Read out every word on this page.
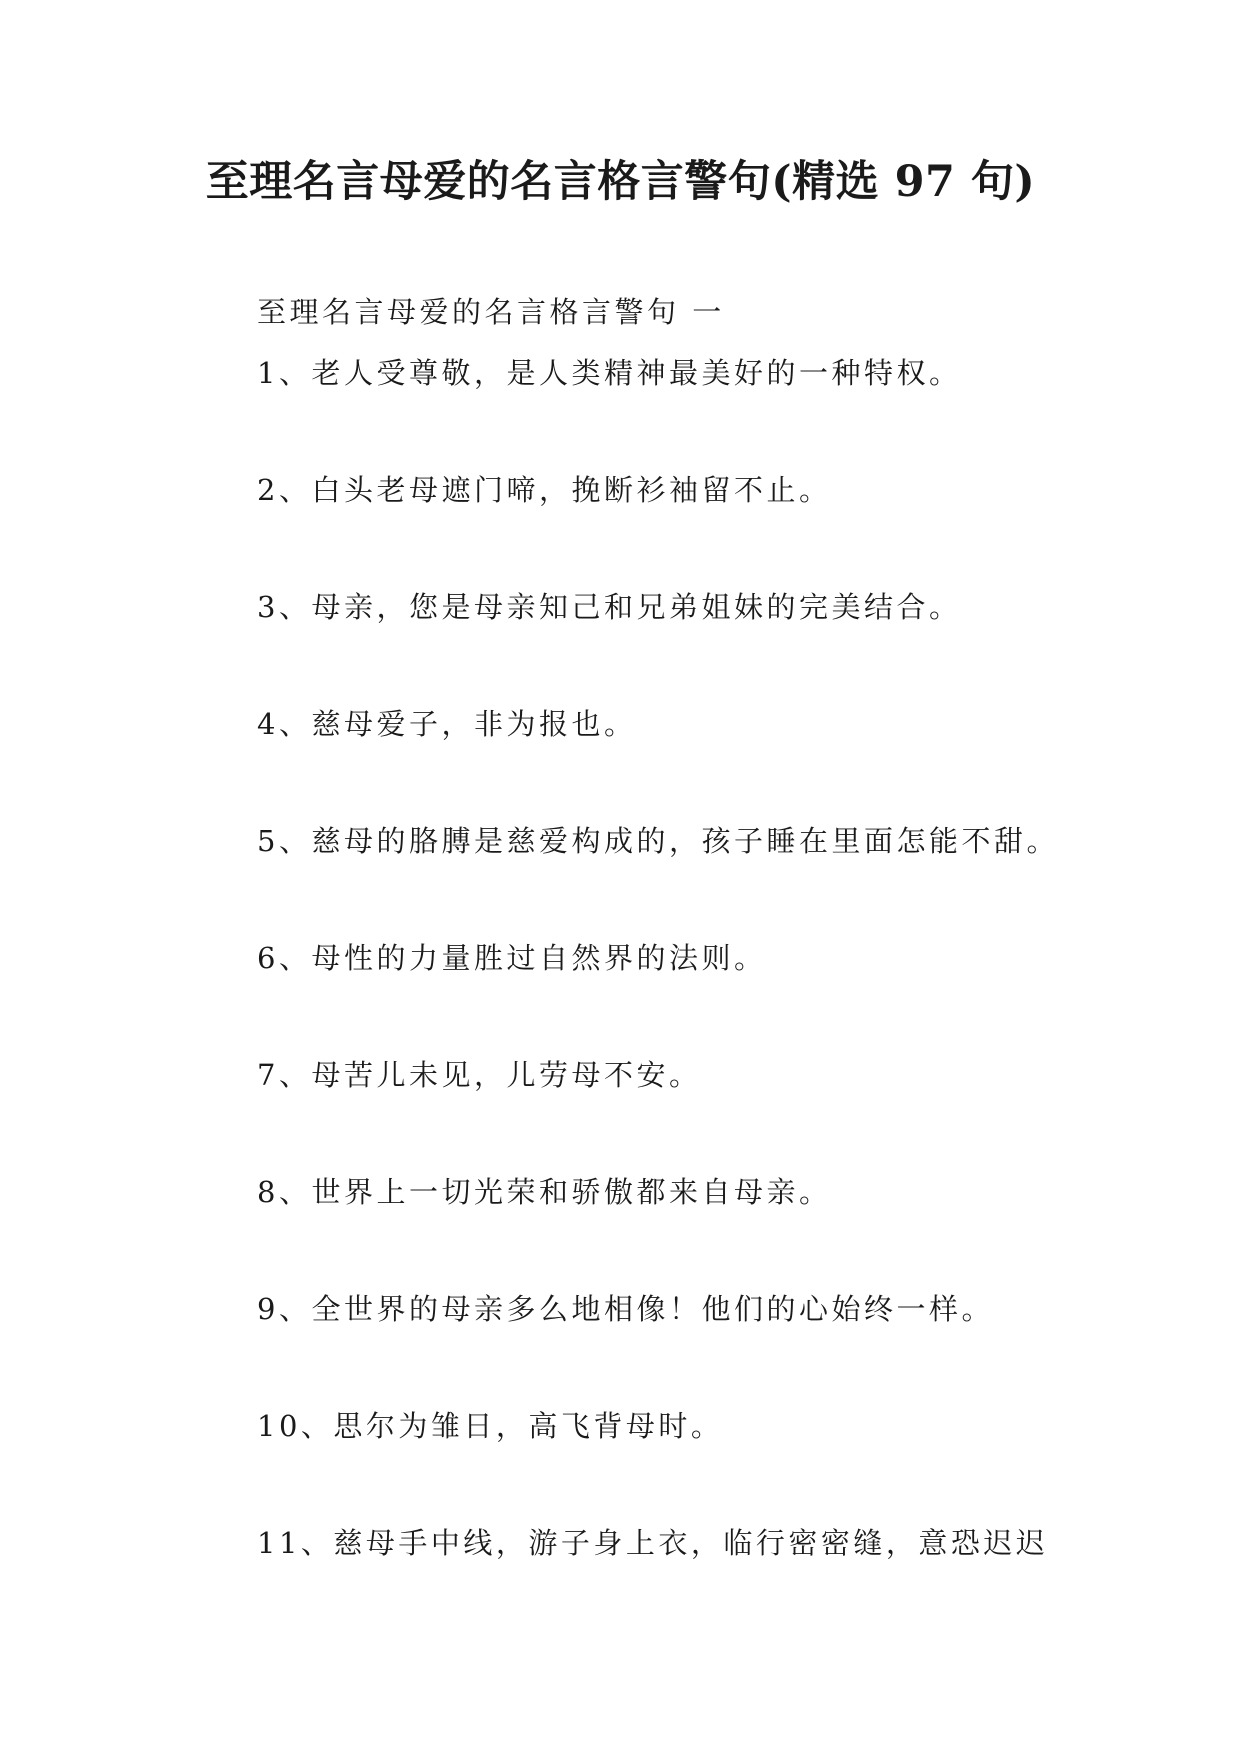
至理名言母爱的名言格言警句(精选 97 句)
至理名言母爱的名言格言警句 一
1、老人受尊敬，是人类精神最美好的一种特权。
2、白头老母遮门啼，挽断衫袖留不止。
3、母亲，您是母亲知己和兄弟姐妹的完美结合。
4、慈母爱子，非为报也。
5、慈母的胳膊是慈爱构成的，孩子睡在里面怎能不甜。
6、母性的力量胜过自然界的法则。
7、母苦儿未见，儿劳母不安。
8、世界上一切光荣和骄傲都来自母亲。
9、全世界的母亲多么地相像！他们的心始终一样。
10、思尔为雏日，高飞背母时。
11、慈母手中线，游子身上衣，临行密密缝，意恐迟迟
